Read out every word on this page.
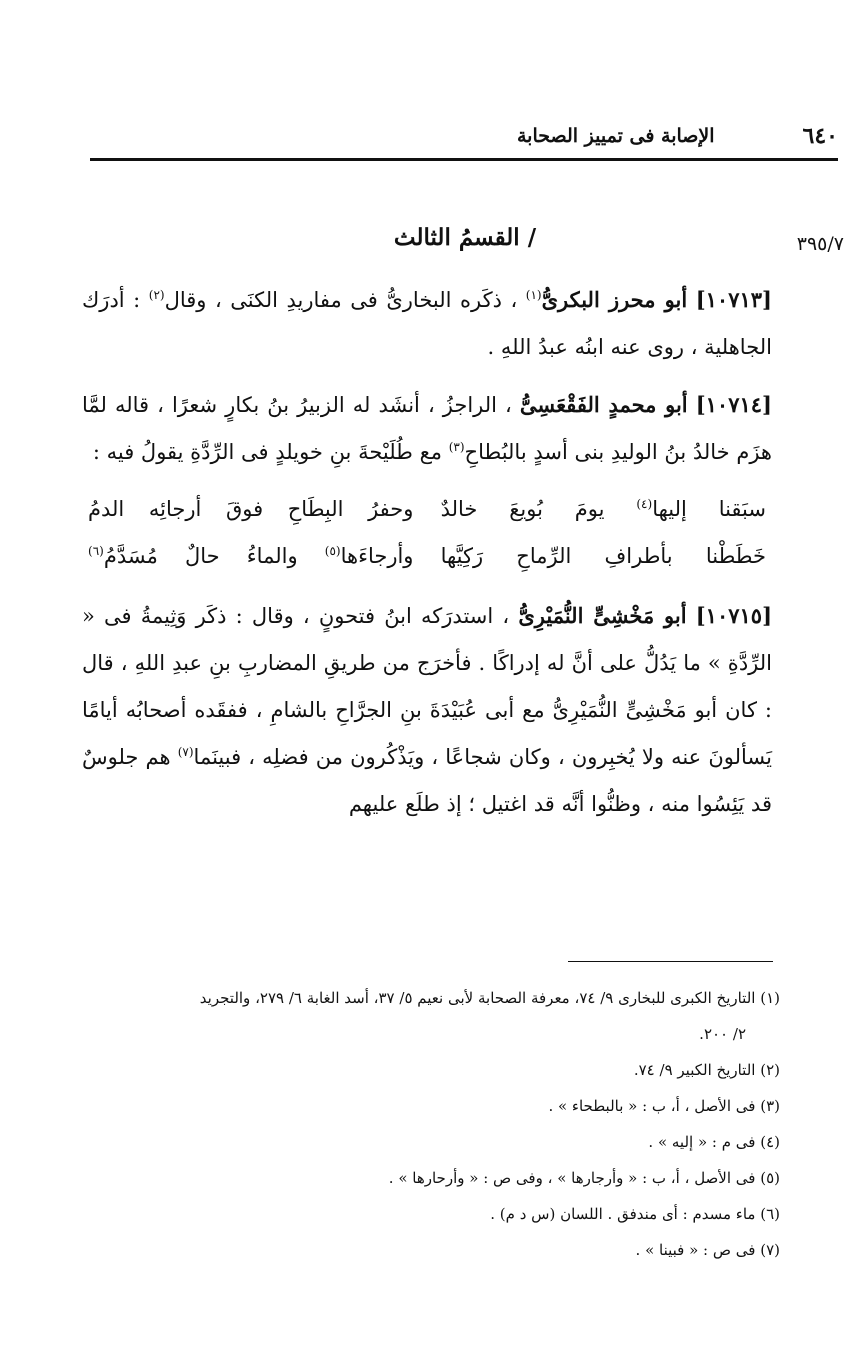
٦٤٠
الإصابة فى تمييز الصحابة
٣٩٥/٧
/ القسمُ الثالث

[١٠٧١٣] أبو محرز البكرىُّ$^{(١)}$ ، ذكَره البخارىُّ فى مفاريدِ الكنَى ، وقال$^{(٢)}$ : أدرَك الجاهلية ، روى عنه ابنُه عبدُ اللهِ .

[١٠٧١٤] أبو محمدٍ الفَقْعَسِىُّ ، الراجزُ ، أنشَد له الزبيرُ بنُ بكارٍ شعرًا ، قاله لمَّا هزَم خالدُ بنُ الوليدِ بنى أسدٍ بالبُطاحِ$^{(٣)}$ مع طُلَيْحةَ بنِ خويلدٍ فى الرِّدَّةِ يقولُ فيه :

سبَقنا إليها$^{(٤)}$ يومَ بُويعَ خالدٌ
وحفرُ البِطَاحِ فوقَ أرجائِه الدمُ
خَطَطْنا بأطرافِ الرِّماحِ رَكِيَّها
وأرجاءَها$^{(٥)}$ والماءُ حالٌ مُسَدَّمُ$^{(٦)}$

[١٠٧١٥] أبو مَخْشِىٍّ النُّمَيْرِىُّ ، استدرَكه ابنُ فتحونٍ ، وقال : ذكَر وَثِيمةُ فى « الرِّدَّةِ » ما يَدُلُّ على أنَّ له إدراكًا . فأخرَج من طريقِ المضاربِ بنِ عبدِ اللهِ ، قال : كان أبو مَخْشِىٍّ النُّمَيْرِىُّ مع أبى عُبَيْدَةَ بنِ الجرَّاحِ بالشامِ ، ففقَده أصحابُه أيامًا يَسألونَ عنه ولا يُخبِرون ، وكان شجاعًا ، ويَذْكُرون من فضلِه ، فبينَما$^{(٧)}$ هم جلوسٌ قد يَئِسُوا منه ، وظنُّوا أنَّه قد اغتيل ؛ إذ طلَع عليهم

(١) التاريخ الكبرى للبخارى ٩/ ٧٤، معرفة الصحابة لأبى نعيم ٥/ ٣٧، أسد الغابة ٦/ ٢٧٩، والتجريد

٢/ ٢٠٠.

(٢) التاريخ الكبير ٩/ ٧٤.

(٣) فى الأصل ، أ، ب : « بالبطحاء » .

(٤) فى م : « إليه » .

(٥) فى الأصل ، أ، ب : « وأرجارها » ، وفى ص : « وأرحارها » .

(٦) ماء مسدم : أى مندفق . اللسان (س د م) .

(٧) فى ص : « فبينا » .
